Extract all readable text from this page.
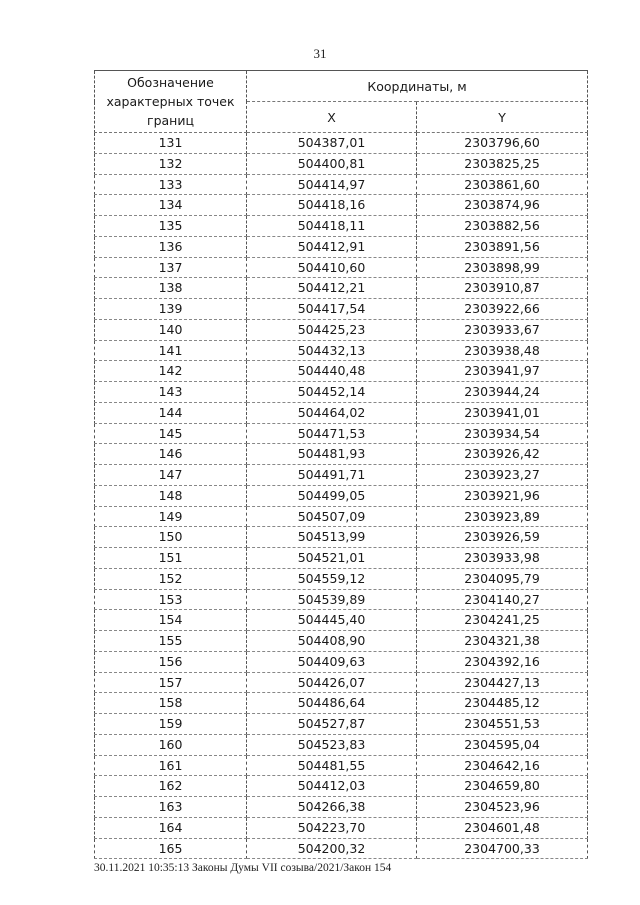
31
Обозначение характерных точек границ	Координаты, м	
	X	Y
131	504387,01	2303796,60
132	504400,81	2303825,25
133	504414,97	2303861,60
134	504418,16	2303874,96
135	504418,11	2303882,56
136	504412,91	2303891,56
137	504410,60	2303898,99
138	504412,21	2303910,87
139	504417,54	2303922,66
140	504425,23	2303933,67
141	504432,13	2303938,48
142	504440,48	2303941,97
143	504452,14	2303944,24
144	504464,02	2303941,01
145	504471,53	2303934,54
146	504481,93	2303926,42
147	504491,71	2303923,27
148	504499,05	2303921,96
149	504507,09	2303923,89
150	504513,99	2303926,59
151	504521,01	2303933,98
152	504559,12	2304095,79
153	504539,89	2304140,27
154	504445,40	2304241,25
155	504408,90	2304321,38
156	504409,63	2304392,16
157	504426,07	2304427,13
158	504486,64	2304485,12
159	504527,87	2304551,53
160	504523,83	2304595,04
161	504481,55	2304642,16
162	504412,03	2304659,80
163	504266,38	2304523,96
164	504223,70	2304601,48
165	504200,32	2304700,33
30.11.2021 10:35:13 Законы Думы VII созыва/2021/Закон 154
